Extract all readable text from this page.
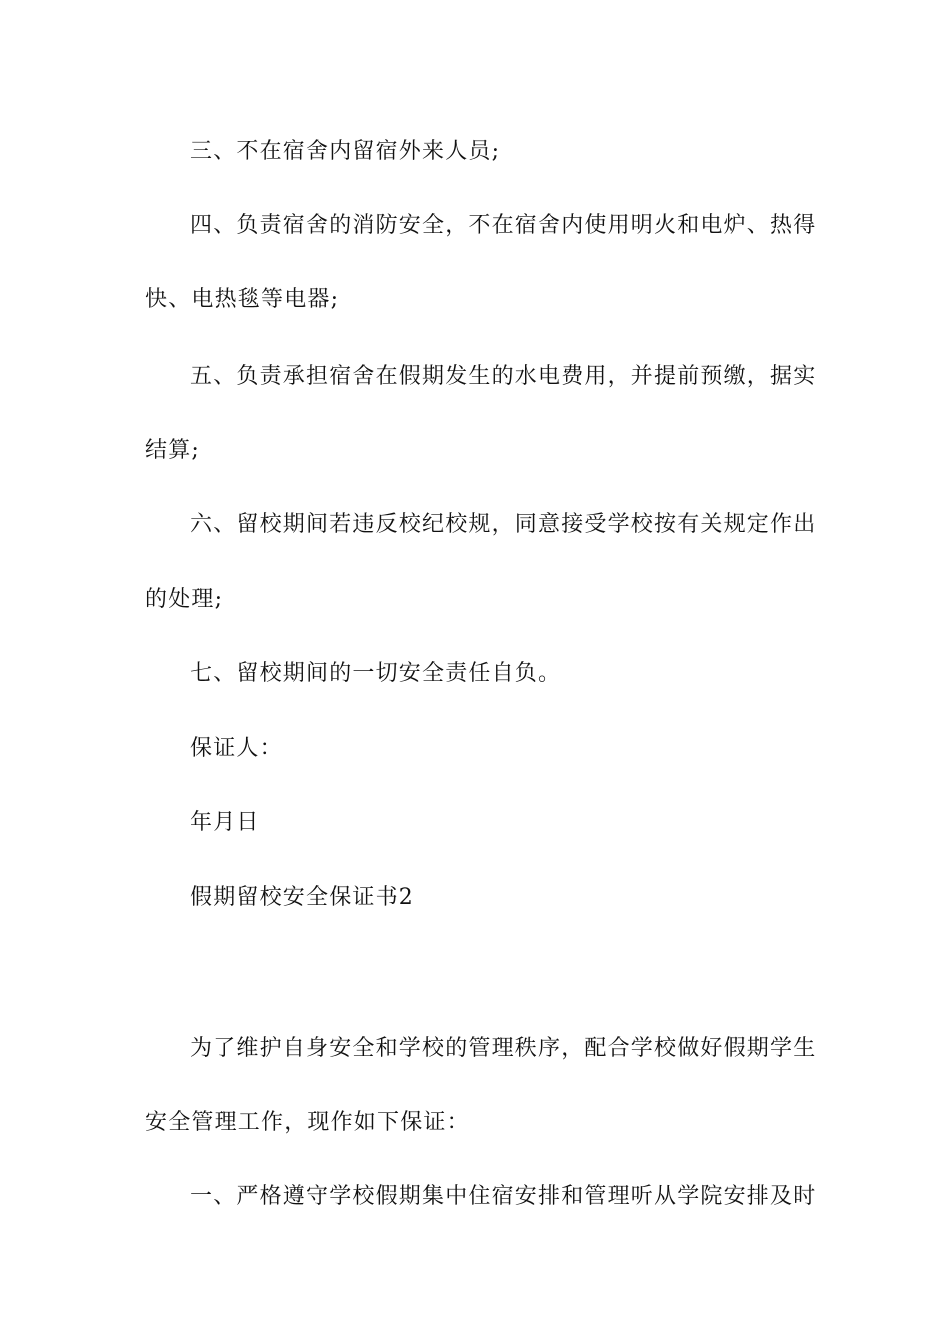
三、不在宿舍内留宿外来人员;
四、负责宿舍的消防安全，不在宿舍内使用明火和电炉、热得
快、电热毯等电器;
五、负责承担宿舍在假期发生的水电费用，并提前预缴，据实
结算;
六、留校期间若违反校纪校规，同意接受学校按有关规定作出
的处理;
七、留校期间的一切安全责任自负。
保证人：
年月日
假期留校安全保证书2
为了维护自身安全和学校的管理秩序，配合学校做好假期学生
安全管理工作，现作如下保证：
一、严格遵守学校假期集中住宿安排和管理听从学院安排及时
